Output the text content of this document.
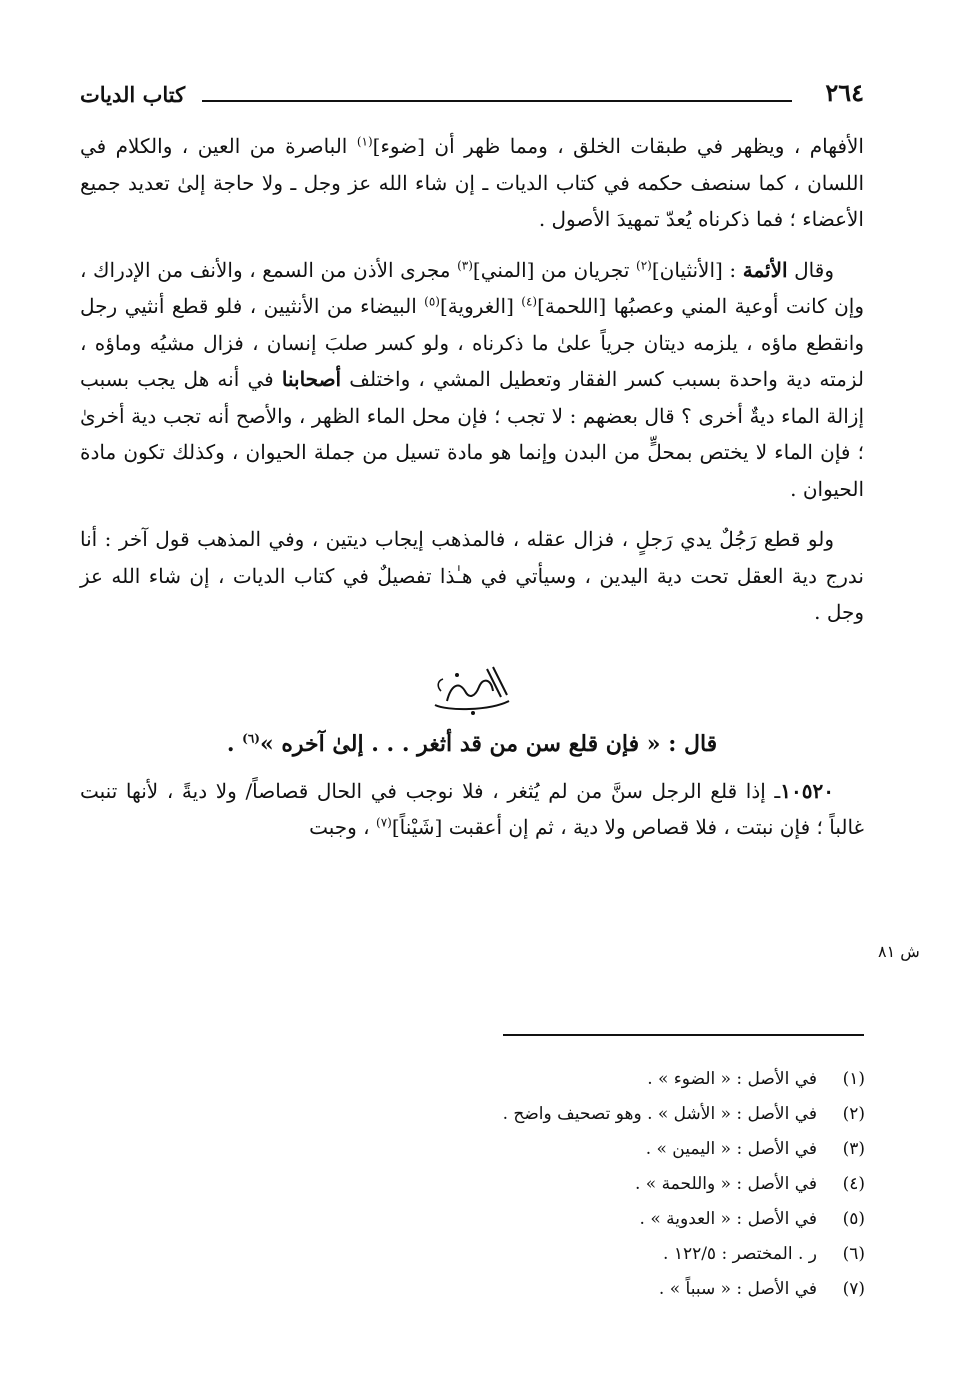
كتاب الديات	٢٦٤

الأفهام ، ويظهر في طبقات الخلق ، ومما ظهر أن [ضوء]$^{(١)}$ الباصرة من العين ، والكلام في اللسان ، كما سنصف حكمه في كتاب الديات ـ إن شاء الله عز وجل ـ ولا حاجة إلىٰ تعديد جميع الأعضاء ؛ فما ذكرناه يُعدّ تمهيدَ الأصول .

وقال الأئمة : [الأنثيان]$^{(٢)}$ تجريان من [المني]$^{(٣)}$ مجرى الأذن من السمع ، والأنف من الإدراك ، وإن كانت أوعية المني وعصبُها [اللحمة]$^{(٤)}$ [الغروية]$^{(٥)}$ البيضاء من الأنثيين ، فلو قطع أنثيي رجل وانقطع ماؤه ، يلزمه ديتان جرياً علىٰ ما ذكرناه ، ولو كسر صلبَ إنسان ، فزال مشيُه وماؤه ، لزمته دية واحدة بسبب كسر الفقار وتعطيل المشي ، واختلف أصحابنا في أنه هل يجب بسبب إزالة الماء ديةٌ أخرى ؟ قال بعضهم : لا تجب ؛ فإن محل الماء الظهر ، والأصح أنه تجب دية أخرىٰ ؛ فإن الماء لا يختص بمحلٍّ من البدن وإنما هو مادة تسيل من جملة الحيوان ، وكذلك تكون مادة الحيوان .

ولو قطع رَجُلٌ يدي رَجلٍ ، فزال عقله ، فالمذهب إيجاب ديتين ، وفي المذهب قول آخر : أنا ندرج دية العقل تحت دية اليدين ، وسيأتي في هـٰذا تفصيلٌ في كتاب الديات ، إن شاء الله عز وجل .

قال : « فإن قلع سن من قد أثغر . . . إلىٰ آخره »$^{(٦)}$ .

١٠٥٢٠ـ إذا قلع الرجل سنَّ من لم يُثغر ، فلا نوجب في الحال قصاصاً/ ولا ديةً ، لأنها تنبت غالباً ؛ فإن نبتت ، فلا قصاص ولا دية ، ثم إن أعقبت [شَيْناً]$^{(٧)}$ ، وجبت

ش ٨١
(١)في الأصل : « الضوء » .
(٢)في الأصل : « الأشل » . وهو تصحيف واضح .
(٣)في الأصل : « اليمين » .
(٤)في الأصل : « واللحمة » .
(٥)في الأصل : « العدوية » .
(٦)ر . المختصر : ١٢٢/٥ .
(٧)في الأصل : « سبباً » .
